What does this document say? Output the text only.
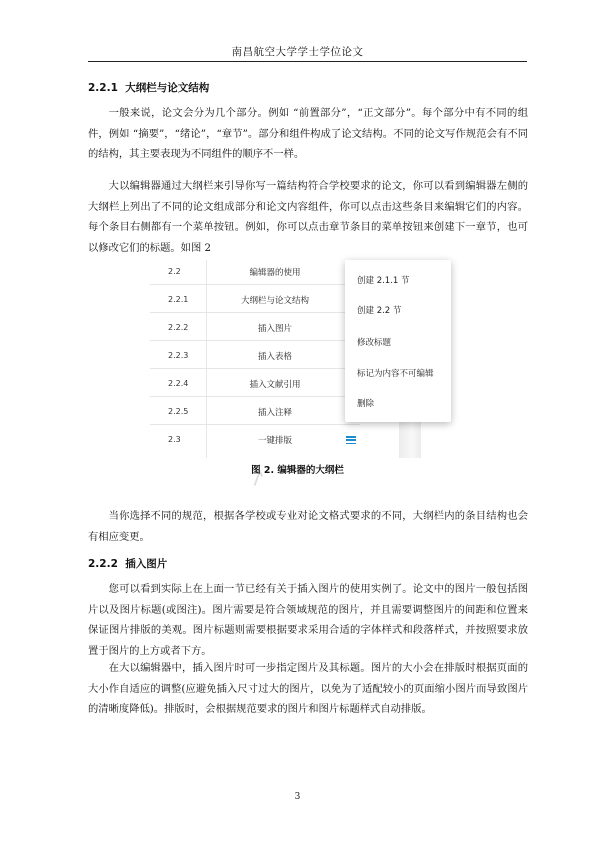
南昌航空大学学士学位论文
2.2.1 大纲栏与论文结构

一般来说，论文会分为几个部分。例如 “前置部分”，“正文部分”。每个部分中有不同的组件，例如 “摘要”，“绪论”，“章节”。部分和组件构成了论文结构。不同的论文写作规范会有不同的结构，其主要表现为不同组件的顺序不一样。

大以编辑器通过大纲栏来引导你写一篇结构符合学校要求的论文，你可以看到编辑器左侧的大纲栏上列出了不同的论文组成部分和论文内容组件，你可以点击这些条目来编辑它们的内容。每个条目右侧都有一个菜单按钮。例如，你可以点击章节条目的菜单按钮来创建下一章节，也可以修改它们的标题。如图 2

2.2	编辑器的使用
2.2.1	大纲栏与论文结构
2.2.2	插入图片
2.2.3	插入表格
2.2.4	插入文献引用
2.2.5	插入注释
2.3	一键排版
创建 2.1.1 节
创建 2.2 节
修改标题
标记为内容不可编辑
删除
↗
图 2. 编辑器的大纲栏

当你选择不同的规范，根据各学校或专业对论文格式要求的不同，大纲栏内的条目结构也会有相应变更。

2.2.2 插入图片

您可以看到实际上在上面一节已经有关于插入图片的使用实例了。论文中的图片一般包括图片以及图片标题(或图注)。图片需要是符合领域规范的图片，并且需要调整图片的间距和位置来保证图片排版的美观。图片标题则需要根据要求采用合适的字体样式和段落样式，并按照要求放置于图片的上方或者下方。

在大以编辑器中，插入图片时可一步指定图片及其标题。图片的大小会在排版时根据页面的大小作自适应的调整(应避免插入尺寸过大的图片，以免为了适配较小的页面缩小图片而导致图片的清晰度降低)。排版时，会根据规范要求的图片和图片标题样式自动排版。

3
